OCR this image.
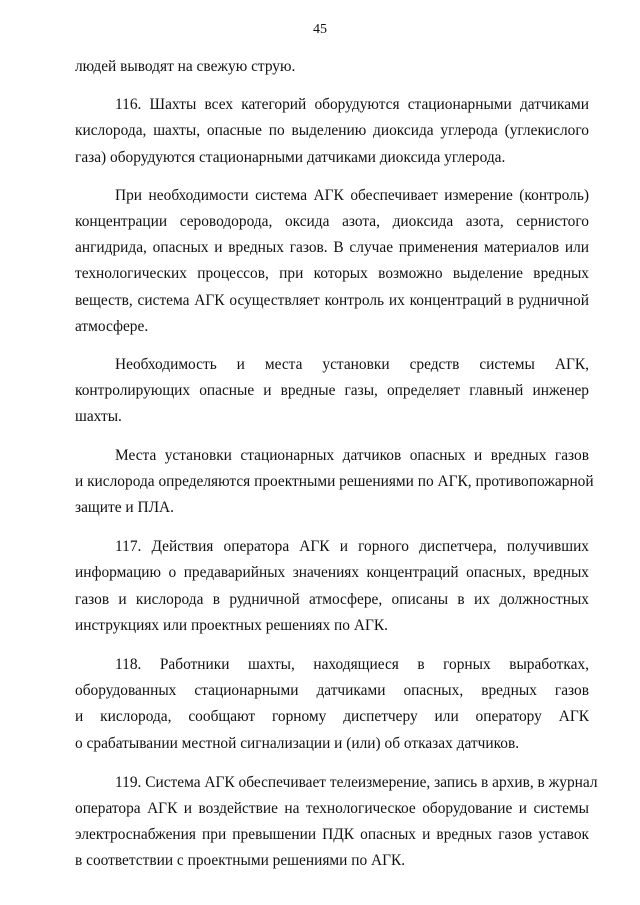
45

людей выводят на свежую струю.

116. Шахты всех категорий оборудуются стационарными датчиками
кислорода, шахты, опасные по выделению диоксида углерода (углекислого
газа) оборудуются стационарными датчиками диоксида углерода.

При необходимости система АГК обеспечивает измерение (контроль)
концентрации сероводорода, оксида азота, диоксида азота, сернистого
ангидрида, опасных и вредных газов. В случае применения материалов или
технологических процессов, при которых возможно выделение вредных
веществ, система АГК осуществляет контроль их концентраций в рудничной
атмосфере.

Необходимость и места установки средств системы АГК,
контролирующих опасные и вредные газы, определяет главный инженер
шахты.

Места установки стационарных датчиков опасных и вредных газов
и кислорода определяются проектными решениями по АГК, противопожарной
защите и ПЛА.

117. Действия оператора АГК и горного диспетчера, получивших
информацию о предаварийных значениях концентраций опасных, вредных
газов и кислорода в рудничной атмосфере, описаны в их должностных
инструкциях или проектных решениях по АГК.

118. Работники шахты, находящиеся в горных выработках,
оборудованных стационарными датчиками опасных, вредных газов
и кислорода, сообщают горному диспетчеру или оператору АГК
о срабатывании местной сигнализации и (или) об отказах датчиков.

119. Система АГК обеспечивает телеизмерение, запись в архив, в журнал
оператора АГК и воздействие на технологическое оборудование и системы
электроснабжения при превышении ПДК опасных и вредных газов уставок
в соответствии с проектными решениями по АГК.
